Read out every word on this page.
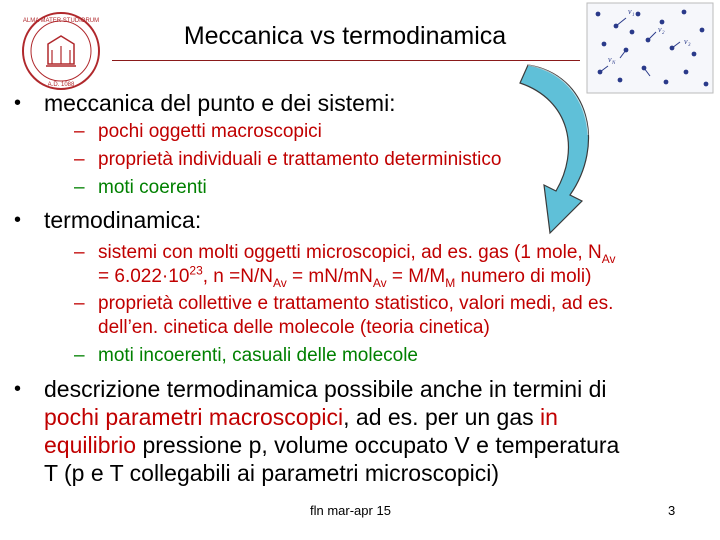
ALMA MATER STUDIORUM
A.D. 1088
Meccanica vs termodinamica
v 1
v 2
v 3
v N
• meccanica del punto e dei sistemi:
– pochi oggetti macroscopici
– proprietà individuali e trattamento deterministico
– moti coerenti
• termodinamica:
– sistemi con molti oggetti microscopici, ad es. gas (1 mole, $N_{Av}$
= $6.022\cdot 10^{23}$, $n =N/N_{Av} = mN/mN_{Av} = M/M_M$ numero di moli)
– proprietà collettive e trattamento statistico, valori medi, ad es.
dell’en. cinetica delle molecole (teoria cinetica)
– moti incoerenti, casuali delle molecole
• descrizione termodinamica possibile anche in termini di
pochi parametri macroscopici, ad es. per un gas in
equilibrio pressione p, volume occupato V e temperatura
T (p e T collegabili ai parametri microscopici)
fln mar-apr 15	3
